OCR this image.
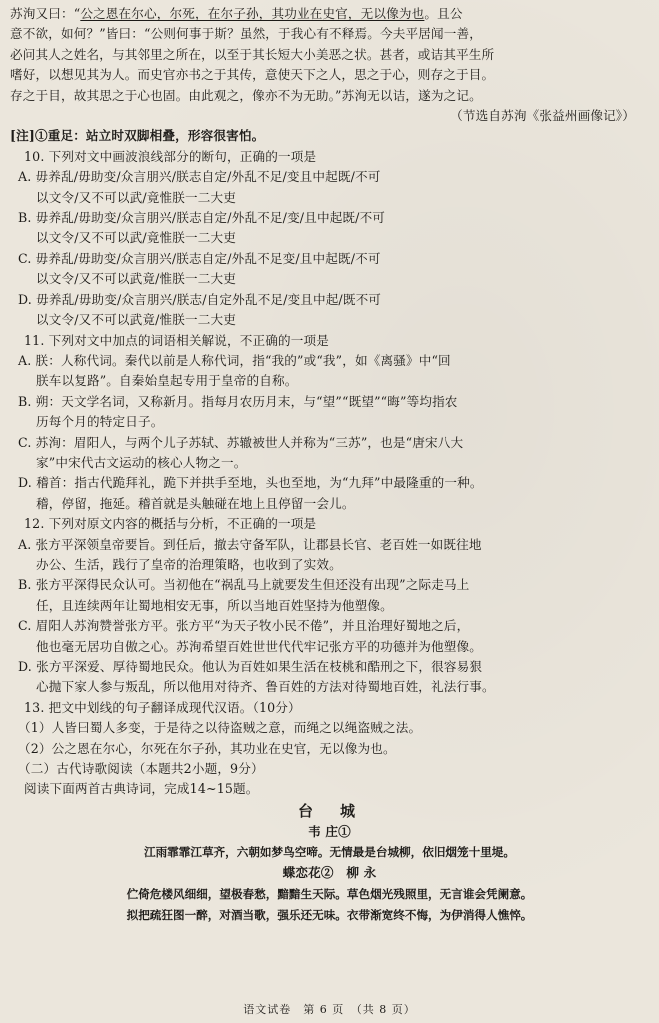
苏洵又曰：“公之恩在尔心，尔死，在尔子孙，其功业在史官，无以像为也。且公
意不欲，如何？”皆曰：“公则何事于斯？虽然，于我心有不释焉。今夫平居闻一善，
必问其人之姓名，与其邻里之所在，以至于其长短大小美恶之状。甚者，或诘其平生所
嗜好，以想见其为人。而史官亦书之于其传，意使天下之人，思之于心，则存之于目。
存之于目，故其思之于心也固。由此观之，像亦不为无助。”苏洵无以诘，遂为之记。
（节选自苏洵《张益州画像记》）
[注]①重足：站立时双脚相叠，形容很害怕。
10. 下列对文中画波浪线部分的断句，正确的一项是
A. 毋养乱/毋助变/众言朋兴/朕志自定/外乱不足/变且中起既/不可
以文令/又不可以武/竟惟朕一二大吏
B. 毋养乱/毋助变/众言朋兴/朕志自定/外乱不足/变/且中起既/不可
以文令/又不可以武/竟惟朕一二大吏
C. 毋养乱/毋助变/众言朋兴/朕志自定/外乱不足变/且中起既/不可
以文令/又不可以武竟/惟朕一二大吏
D. 毋养乱/毋助变/众言朋兴/朕志/自定外乱不足/变且中起/既不可
以文令/又不可以武竟/惟朕一二大吏
11. 下列对文中加点的词语相关解说，不正确的一项是
A. 朕：人称代词。秦代以前是人称代词，指“我的”或“我”，如《离骚》中“回
朕车以复路”。自秦始皇起专用于皇帝的自称。
B. 朔：天文学名词，又称新月。指每月农历月末，与“望”“既望”“晦”等均指农
历每个月的特定日子。
C. 苏洵：眉阳人，与两个儿子苏轼、苏辙被世人并称为“三苏”，也是“唐宋八大
家”中宋代古文运动的核心人物之一。
D. 稽首：指古代跪拜礼，跪下并拱手至地，头也至地，为“九拜”中最隆重的一种。
稽，停留，拖延。稽首就是头触碰在地上且停留一会儿。
12. 下列对原文内容的概括与分析，不正确的一项是
A. 张方平深领皇帝要旨。到任后，撤去守备军队，让郡县长官、老百姓一如既往地
办公、生活，践行了皇帝的治理策略，也收到了实效。
B. 张方平深得民众认可。当初他在“祸乱马上就要发生但还没有出现”之际走马上
任，且连续两年让蜀地相安无事，所以当地百姓坚持为他塑像。
C. 眉阳人苏洵赞誉张方平。张方平“为天子牧小民不倦”，并且治理好蜀地之后，
他也毫无居功自傲之心。苏洵希望百姓世世代代牢记张方平的功德并为他塑像。
D. 张方平深爱、厚待蜀地民众。他认为百姓如果生活在枝桃和酷刑之下，很容易狠
心抛下家人参与叛乱，所以他用对待齐、鲁百姓的方法对待蜀地百姓，礼法行事。
13. 把文中划线的句子翻译成现代汉语。（10分）
（1）人皆曰蜀人多变，于是待之以待盗贼之意，而绳之以绳盗贼之法。
（2）公之恩在尔心，尔死在尔子孙，其功业在史官，无以像为也。
（二）古代诗歌阅读（本题共2小题，9分）
阅读下面两首古典诗词，完成14~15题。
台　城
韦 庄①
江雨霏霏江草齐，六朝如梦鸟空啼。无情最是台城柳，依旧烟笼十里堤。
蝶恋花②　柳 永
伫倚危楼风细细，望极春愁，黯黯生天际。草色烟光残照里，无言谁会凭阑意。
拟把疏狂图一醉，对酒当歌，强乐还无味。衣带渐宽终不悔，为伊消得人憔悴。
语文试卷　第 6 页　（共 8 页）
